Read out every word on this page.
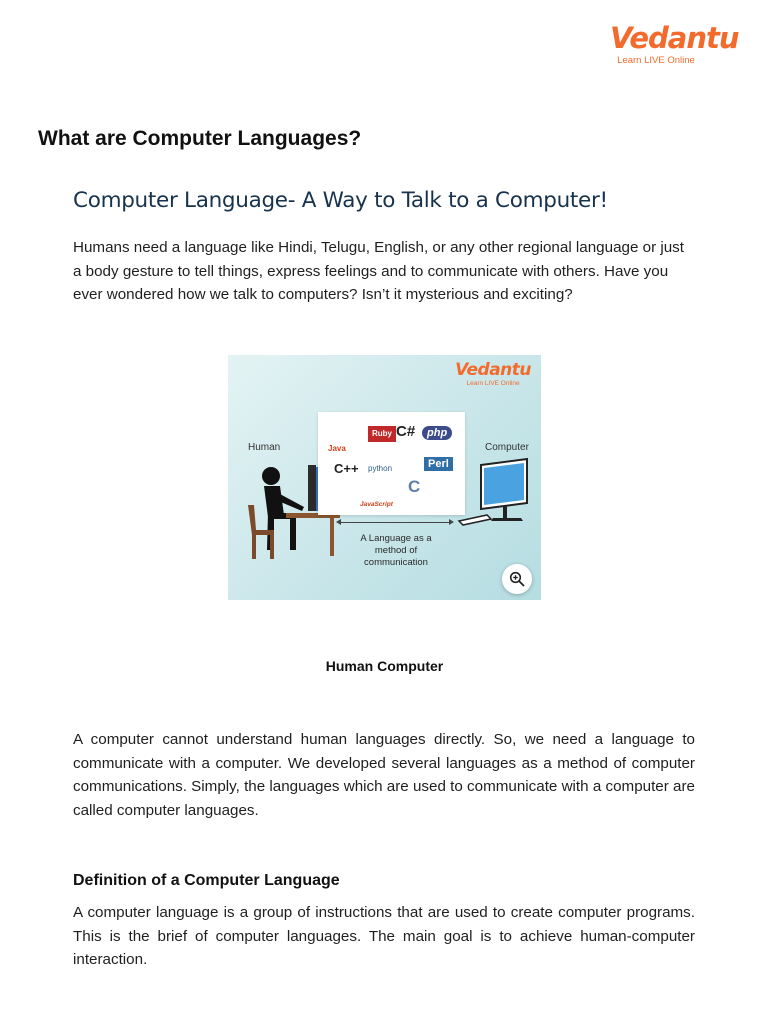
Vedantu
Learn LIVE Online
What are Computer Languages?
Computer Language- A Way to Talk to a Computer!

Humans need a language like Hindi, Telugu, English, or any other regional language or just a body gesture to tell things, express feelings and to communicate with others. Have you ever wondered how we talk to computers? Isn’t it mysterious and exciting?

Vedantu
Learn LIVE Online
Human	Computer
Java
Ruby C#	php
C++ python	Perl
JavaScript
C
A Language as a method of communication

Human Computer

A computer cannot understand human languages directly. So, we need a language to communicate with a computer. We developed several languages as a method of computer communications. Simply, the languages which are used to communicate with a computer are called computer languages.

Definition of a Computer Language

A computer language is a group of instructions that are used to create computer programs. This is the brief of computer languages. The main goal is to achieve human-computer interaction.
